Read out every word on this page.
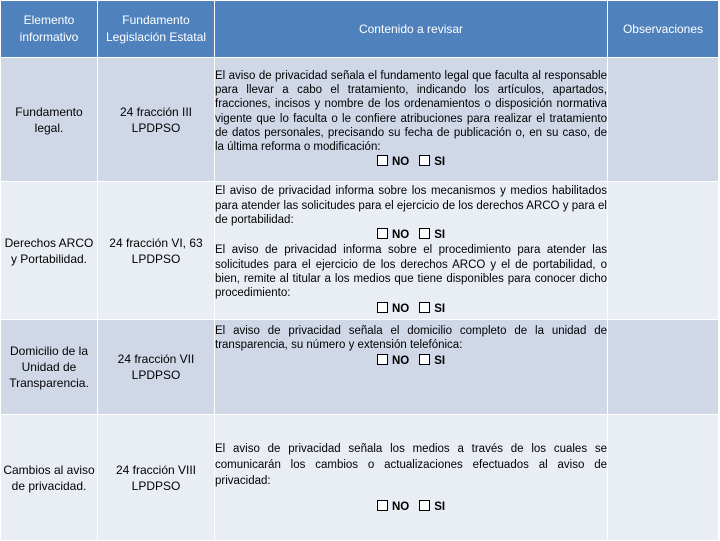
Elemento informativo	Fundamento Legislación Estatal	Contenido a revisar	Observaciones
Fundamento legal.	24 fracción III LPDPSO	El aviso de privacidad señala el fundamento legal que faculta al responsable para llevar a cabo el tratamiento, indicando los artículos, apartados, fracciones, incisos y nombre de los ordenamientos o disposición normativa vigente que lo faculta o le confiere atribuciones para realizar el tratamiento de datos personales, precisando su fecha de publicación o, en su caso, de la última reforma o modificación:

NO SI	

Derechos ARCO y Portabilidad.	24 fracción VI, 63 LPDPSO	El aviso de privacidad informa sobre los mecanismos y medios habilitados para atender las solicitudes para el ejercicio de los derechos ARCO y para el de portabilidad:

NO SI

El aviso de privacidad informa sobre el procedimiento para atender las solicitudes para el ejercicio de los derechos ARCO y el de portabilidad, o bien, remite al titular a los medios que tiene disponibles para conocer dicho procedimiento:

NO SI	

Domicilio de la Unidad de Transparencia.	24 fracción VII LPDPSO	El aviso de privacidad señala el domicilio completo de la unidad de transparencia, su número y extensión telefónica:

NO SI	

Cambios al aviso de privacidad.	24 fracción VIII LPDPSO	El aviso de privacidad señala los medios a través de los cuales se comunicarán los cambios o actualizaciones efectuados al aviso de privacidad:

NO SI	
